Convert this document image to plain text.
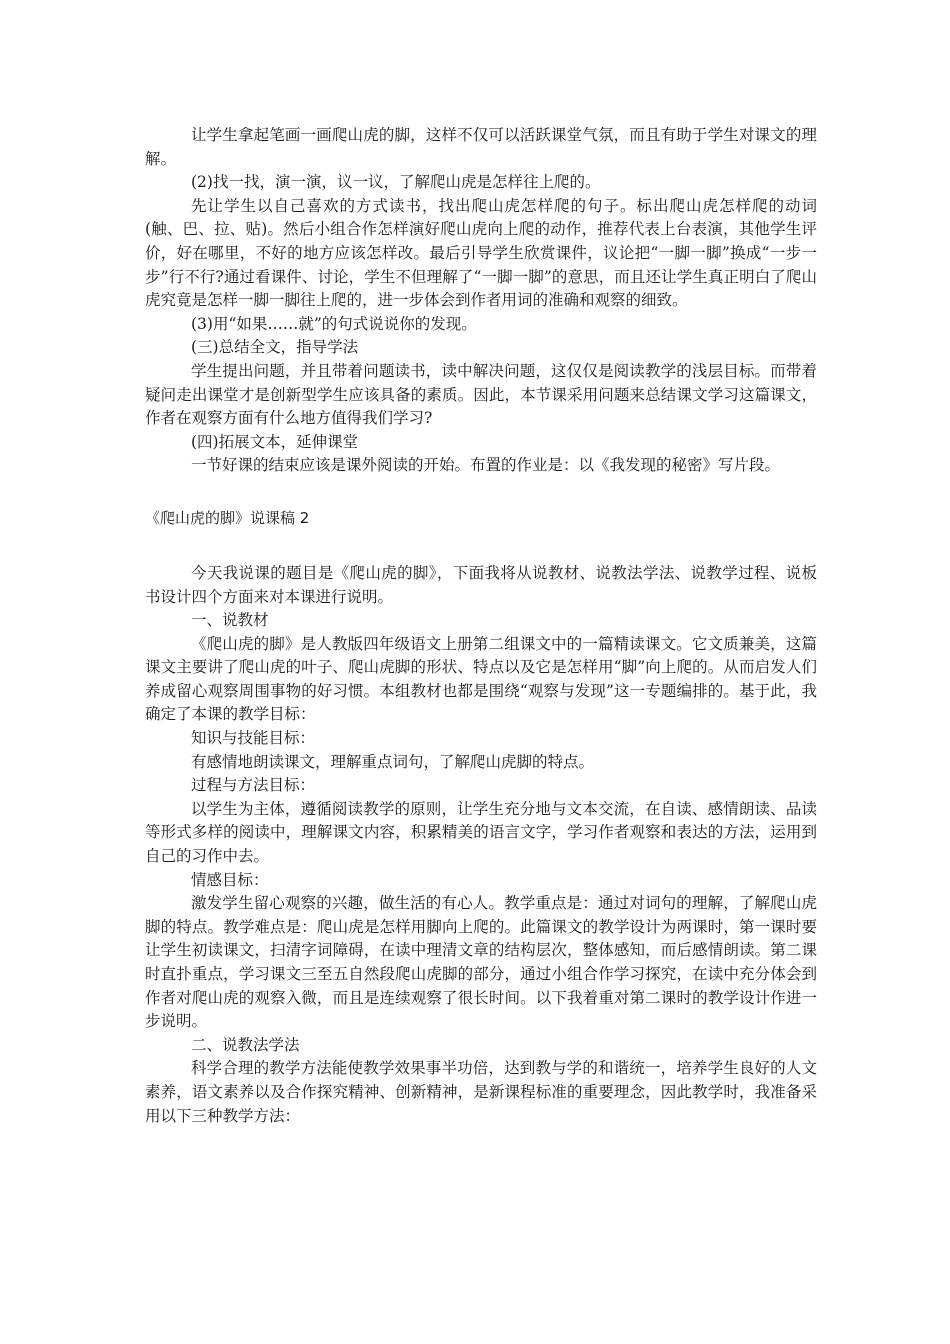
让学生拿起笔画一画爬山虎的脚，这样不仅可以活跃课堂气氛，而且有助于学生对课文的理解。

(2)找一找，演一演，议一议，了解爬山虎是怎样往上爬的。

先让学生以自己喜欢的方式读书，找出爬山虎怎样爬的句子。标出爬山虎怎样爬的动词(触、巴、拉、贴)。然后小组合作怎样演好爬山虎向上爬的动作，推荐代表上台表演，其他学生评价，好在哪里，不好的地方应该怎样改。最后引导学生欣赏课件，议论把“一脚一脚”换成“一步一步”行不行?通过看课件、讨论，学生不但理解了“一脚一脚”的意思，而且还让学生真正明白了爬山虎究竟是怎样一脚一脚往上爬的，进一步体会到作者用词的准确和观察的细致。

(3)用“如果……就”的句式说说你的发现。

(三)总结全文，指导学法

学生提出问题，并且带着问题读书，读中解决问题，这仅仅是阅读教学的浅层目标。而带着疑问走出课堂才是创新型学生应该具备的素质。因此，本节课采用问题来总结课文学习这篇课文，作者在观察方面有什么地方值得我们学习?

(四)拓展文本，延伸课堂

一节好课的结束应该是课外阅读的开始。布置的作业是：以《我发现的秘密》写片段。

《爬山虎的脚》说课稿 2

今天我说课的题目是《爬山虎的脚》，下面我将从说教材、说教法学法、说教学过程、说板书设计四个方面来对本课进行说明。

一、说教材

《爬山虎的脚》是人教版四年级语文上册第二组课文中的一篇精读课文。它文质兼美，这篇课文主要讲了爬山虎的叶子、爬山虎脚的形状、特点以及它是怎样用“脚”向上爬的。从而启发人们养成留心观察周围事物的好习惯。本组教材也都是围绕“观察与发现”这一专题编排的。基于此，我确定了本课的教学目标：

知识与技能目标：

有感情地朗读课文，理解重点词句，了解爬山虎脚的特点。

过程与方法目标：

以学生为主体，遵循阅读教学的原则，让学生充分地与文本交流，在自读、感情朗读、品读等形式多样的阅读中，理解课文内容，积累精美的语言文字，学习作者观察和表达的方法，运用到自己的习作中去。

情感目标：

激发学生留心观察的兴趣，做生活的有心人。教学重点是：通过对词句的理解，了解爬山虎脚的特点。教学难点是：爬山虎是怎样用脚向上爬的。此篇课文的教学设计为两课时，第一课时要让学生初读课文，扫清字词障碍，在读中理清文章的结构层次，整体感知，而后感情朗读。第二课时直扑重点，学习课文三至五自然段爬山虎脚的部分，通过小组合作学习探究，在读中充分体会到作者对爬山虎的观察入微，而且是连续观察了很长时间。以下我着重对第二课时的教学设计作进一步说明。

二、说教法学法

科学合理的教学方法能使教学效果事半功倍，达到教与学的和谐统一，培养学生良好的人文素养，语文素养以及合作探究精神、创新精神，是新课程标准的重要理念，因此教学时，我准备采用以下三种教学方法：
